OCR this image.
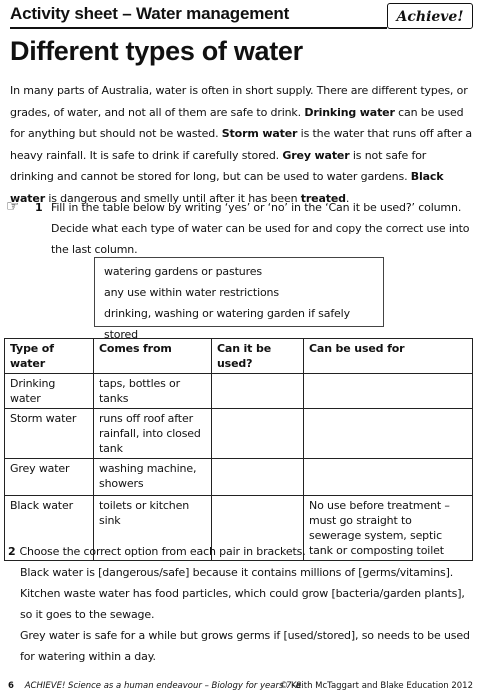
Activity sheet – Water management	Achieve!
Different types of water
In many parts of Australia, water is often in short supply. There are different types, or grades, of water, and not all of them are safe to drink. Drinking water can be used for anything but should not be wasted. Storm water is the water that runs off after a heavy rainfall. It is safe to drink if carefully stored. Grey water is not safe for drinking and cannot be stored for long, but can be used to water gardens. Black water is dangerous and smelly until after it has been treated.
☞ 1 Fill in the table below by writing ‘yes’ or ‘no’ in the ‘Can it be used?’ column. Decide what each type of water can be used for and copy the correct use into the last column.
watering gardens or pastures
any use within water restrictions
drinking, washing or watering garden if safely stored
Type of water	Comes from	Can it be used?	Can be used for
Drinking water	taps, bottles or tanks		
Storm water	runs off roof after rainfall, into closed tank		
Grey water	washing machine, showers		
Black water	toilets or kitchen sink		No use before treatment – must go straight to sewerage system, septic tank or composting toilet
2 Choose the correct option from each pair in brackets.
Black water is [dangerous/safe] because it contains millions of [germs/vitamins].
Kitchen waste water has food particles, which could grow [bacteria/garden plants], so it goes to the sewage.
Grey water is safe for a while but grows germs if [used/stored], so needs to be used for watering within a day.
6 ACHIEVE! Science as a human endeavour – Biology for years 7–8
© Keith McTaggart and Blake Education 2012
